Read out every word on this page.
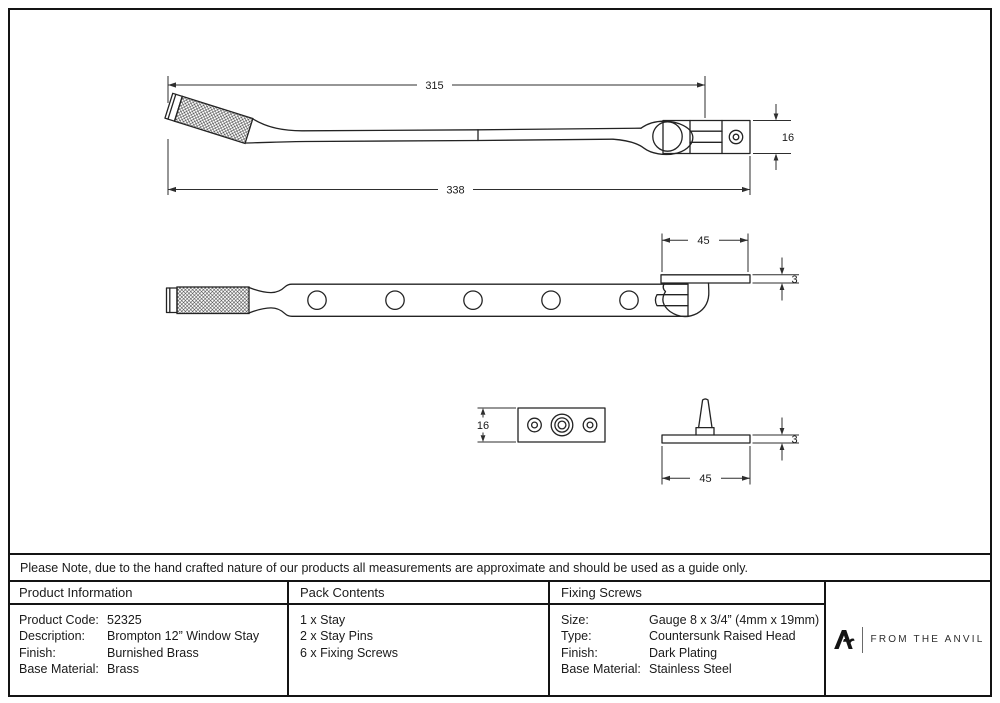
315
338
16
45
3
16
3
45
Please Note, due to the hand crafted nature of our products all measurements are approximate and should be used as a guide only.
Product Information
Product Code: 52325
Description:	Brompton 12” Window Stay
Finish:	Burnished Brass
Base Material: Brass
Pack Contents
1 x Stay
2 x Stay Pins
6 x Fixing Screws
Fixing Screws
Size:	Gauge 8 x 3/4” (4mm x 19mm)
Type:	Countersunk Raised Head
Finish:	Dark Plating
Base Material: Stainless Steel
FROM THE ANVIL
